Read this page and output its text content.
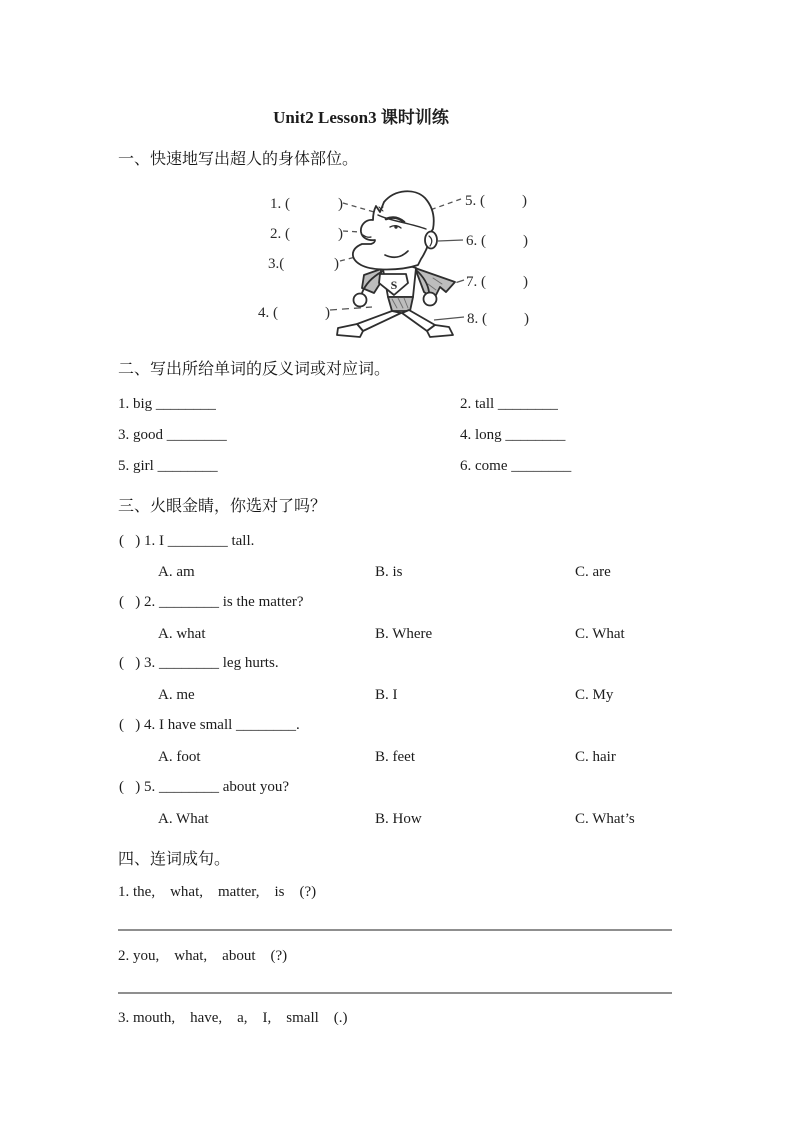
Unit2 Lesson3 课时训练
一、快速地写出超人的身体部位。
S
1. (	)
2. (	)
3.(	)
4. (	)
5. ( )
6. ( )
7. ( )
8. ( )
二、写出所给单词的反义词或对应词。
1. big ________	2. tall ________
3. good ________	4. long ________
5. girl ________	6. come ________
三、火眼金睛，你选对了吗？
(   ) 1. I ________ tall.
A. am	B. is	C. are
(   ) 2. ________ is the matter?
A. what	B. Where	C. What
(   ) 3. ________ leg hurts.
A. me	B. I	C. My
(   ) 4. I have small ________.
A. foot	B. feet	C. hair
(   ) 5. ________ about you?
A. What	B. How	C. What’s
四、连词成句。
1. the,    what,    matter,    is    (?)
2. you,    what,    about    (?)
3. mouth,    have,    a,    I,    small    (.)
